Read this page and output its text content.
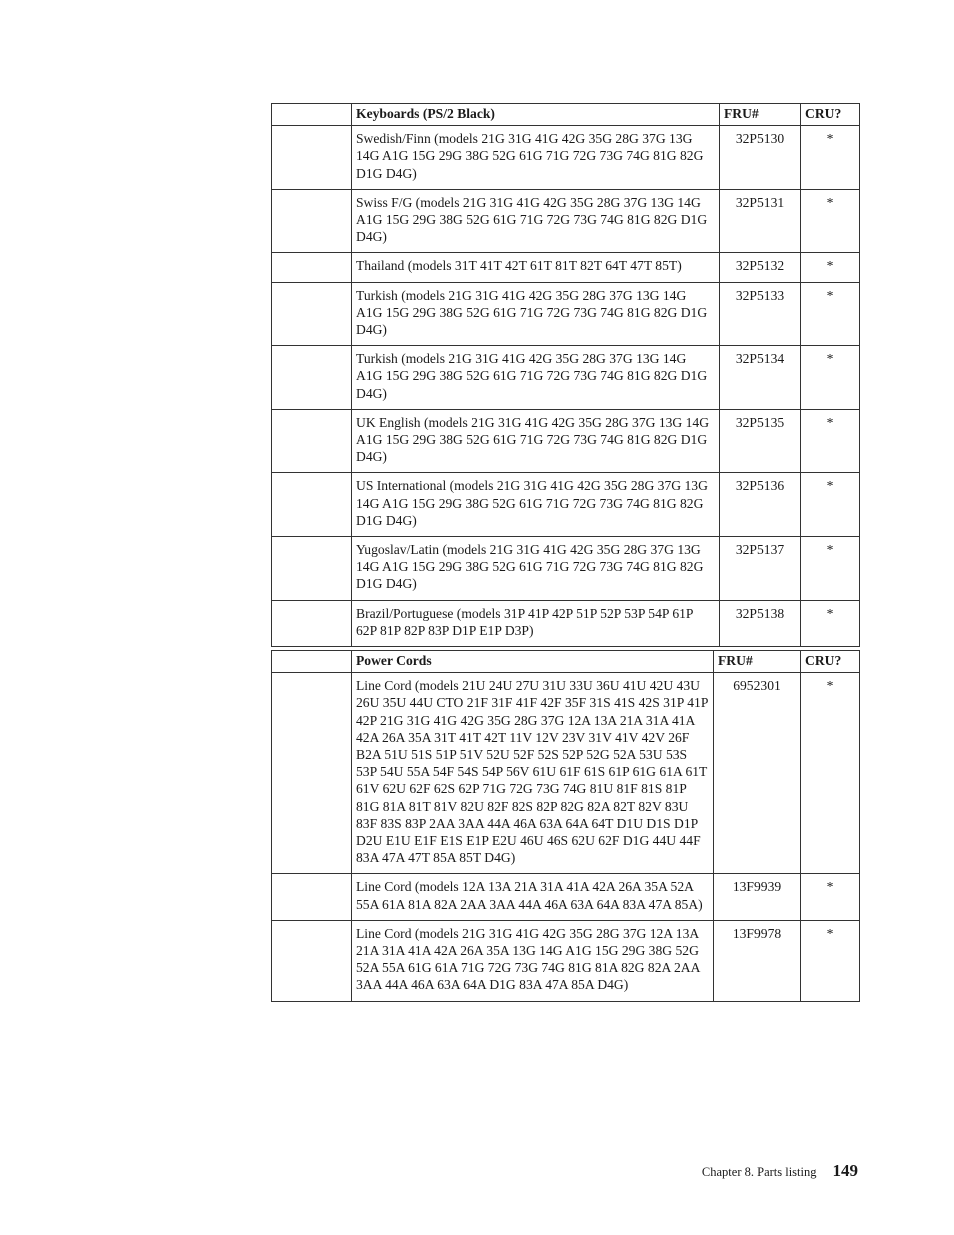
	Keyboards (PS/2 Black)	FRU#	CRU?
	Swedish/Finn (models 21G 31G 41G 42G 35G 28G 37G 13G 14G A1G 15G 29G 38G 52G 61G 71G 72G 73G 74G 81G 82G D1G D4G)	32P5130	*
	Swiss F/G (models 21G 31G 41G 42G 35G 28G 37G 13G 14G A1G 15G 29G 38G 52G 61G 71G 72G 73G 74G 81G 82G D1G D4G)	32P5131	*
	Thailand (models 31T 41T 42T 61T 81T 82T 64T 47T 85T)	32P5132	*
	Turkish (models 21G 31G 41G 42G 35G 28G 37G 13G 14G A1G 15G 29G 38G 52G 61G 71G 72G 73G 74G 81G 82G D1G D4G)	32P5133	*
	Turkish (models 21G 31G 41G 42G 35G 28G 37G 13G 14G A1G 15G 29G 38G 52G 61G 71G 72G 73G 74G 81G 82G D1G D4G)	32P5134	*
	UK English (models 21G 31G 41G 42G 35G 28G 37G 13G 14G A1G 15G 29G 38G 52G 61G 71G 72G 73G 74G 81G 82G D1G D4G)	32P5135	*
	US International (models 21G 31G 41G 42G 35G 28G 37G 13G 14G A1G 15G 29G 38G 52G 61G 71G 72G 73G 74G 81G 82G D1G D4G)	32P5136	*
	Yugoslav/Latin (models 21G 31G 41G 42G 35G 28G 37G 13G 14G A1G 15G 29G 38G 52G 61G 71G 72G 73G 74G 81G 82G D1G D4G)	32P5137	*
	Brazil/Portuguese (models 31P 41P 42P 51P 52P 53P 54P 61P 62P 81P 82P 83P D1P E1P D3P)	32P5138	*
	Power Cords	FRU#	CRU?
	Line Cord (models 21U 24U 27U 31U 33U 36U 41U 42U 43U 26U 35U 44U CTO 21F 31F 41F 42F 35F 31S 41S 42S 31P 41P 42P 21G 31G 41G 42G 35G 28G 37G 12A 13A 21A 31A 41A 42A 26A 35A 31T 41T 42T 11V 12V 23V 31V 41V 42V 26F B2A 51U 51S 51P 51V 52U 52F 52S 52P 52G 52A 53U 53S 53P 54U 55A 54F 54S 54P 56V 61U 61F 61S 61P 61G 61A 61T 61V 62U 62F 62S 62P 71G 72G 73G 74G 81U 81F 81S 81P 81G 81A 81T 81V 82U 82F 82S 82P 82G 82A 82T 82V 83U 83F 83S 83P 2AA 3AA 44A 46A 63A 64A 64T D1U D1S D1P D2U E1U E1F E1S E1P E2U 46U 46S 62U 62F D1G 44U 44F 83A 47A 47T 85A 85T D4G)	6952301	*
	Line Cord (models 12A 13A 21A 31A 41A 42A 26A 35A 52A 55A 61A 81A 82A 2AA 3AA 44A 46A 63A 64A 83A 47A 85A)	13F9939	*
	Line Cord (models 21G 31G 41G 42G 35G 28G 37G 12A 13A 21A 31A 41A 42A 26A 35A 13G 14G A1G 15G 29G 38G 52G 52A 55A 61G 61A 71G 72G 73G 74G 81G 81A 82G 82A 2AA 3AA 44A 46A 63A 64A D1G 83A 47A 85A D4G)	13F9978	*
Chapter 8. Parts listing 149
